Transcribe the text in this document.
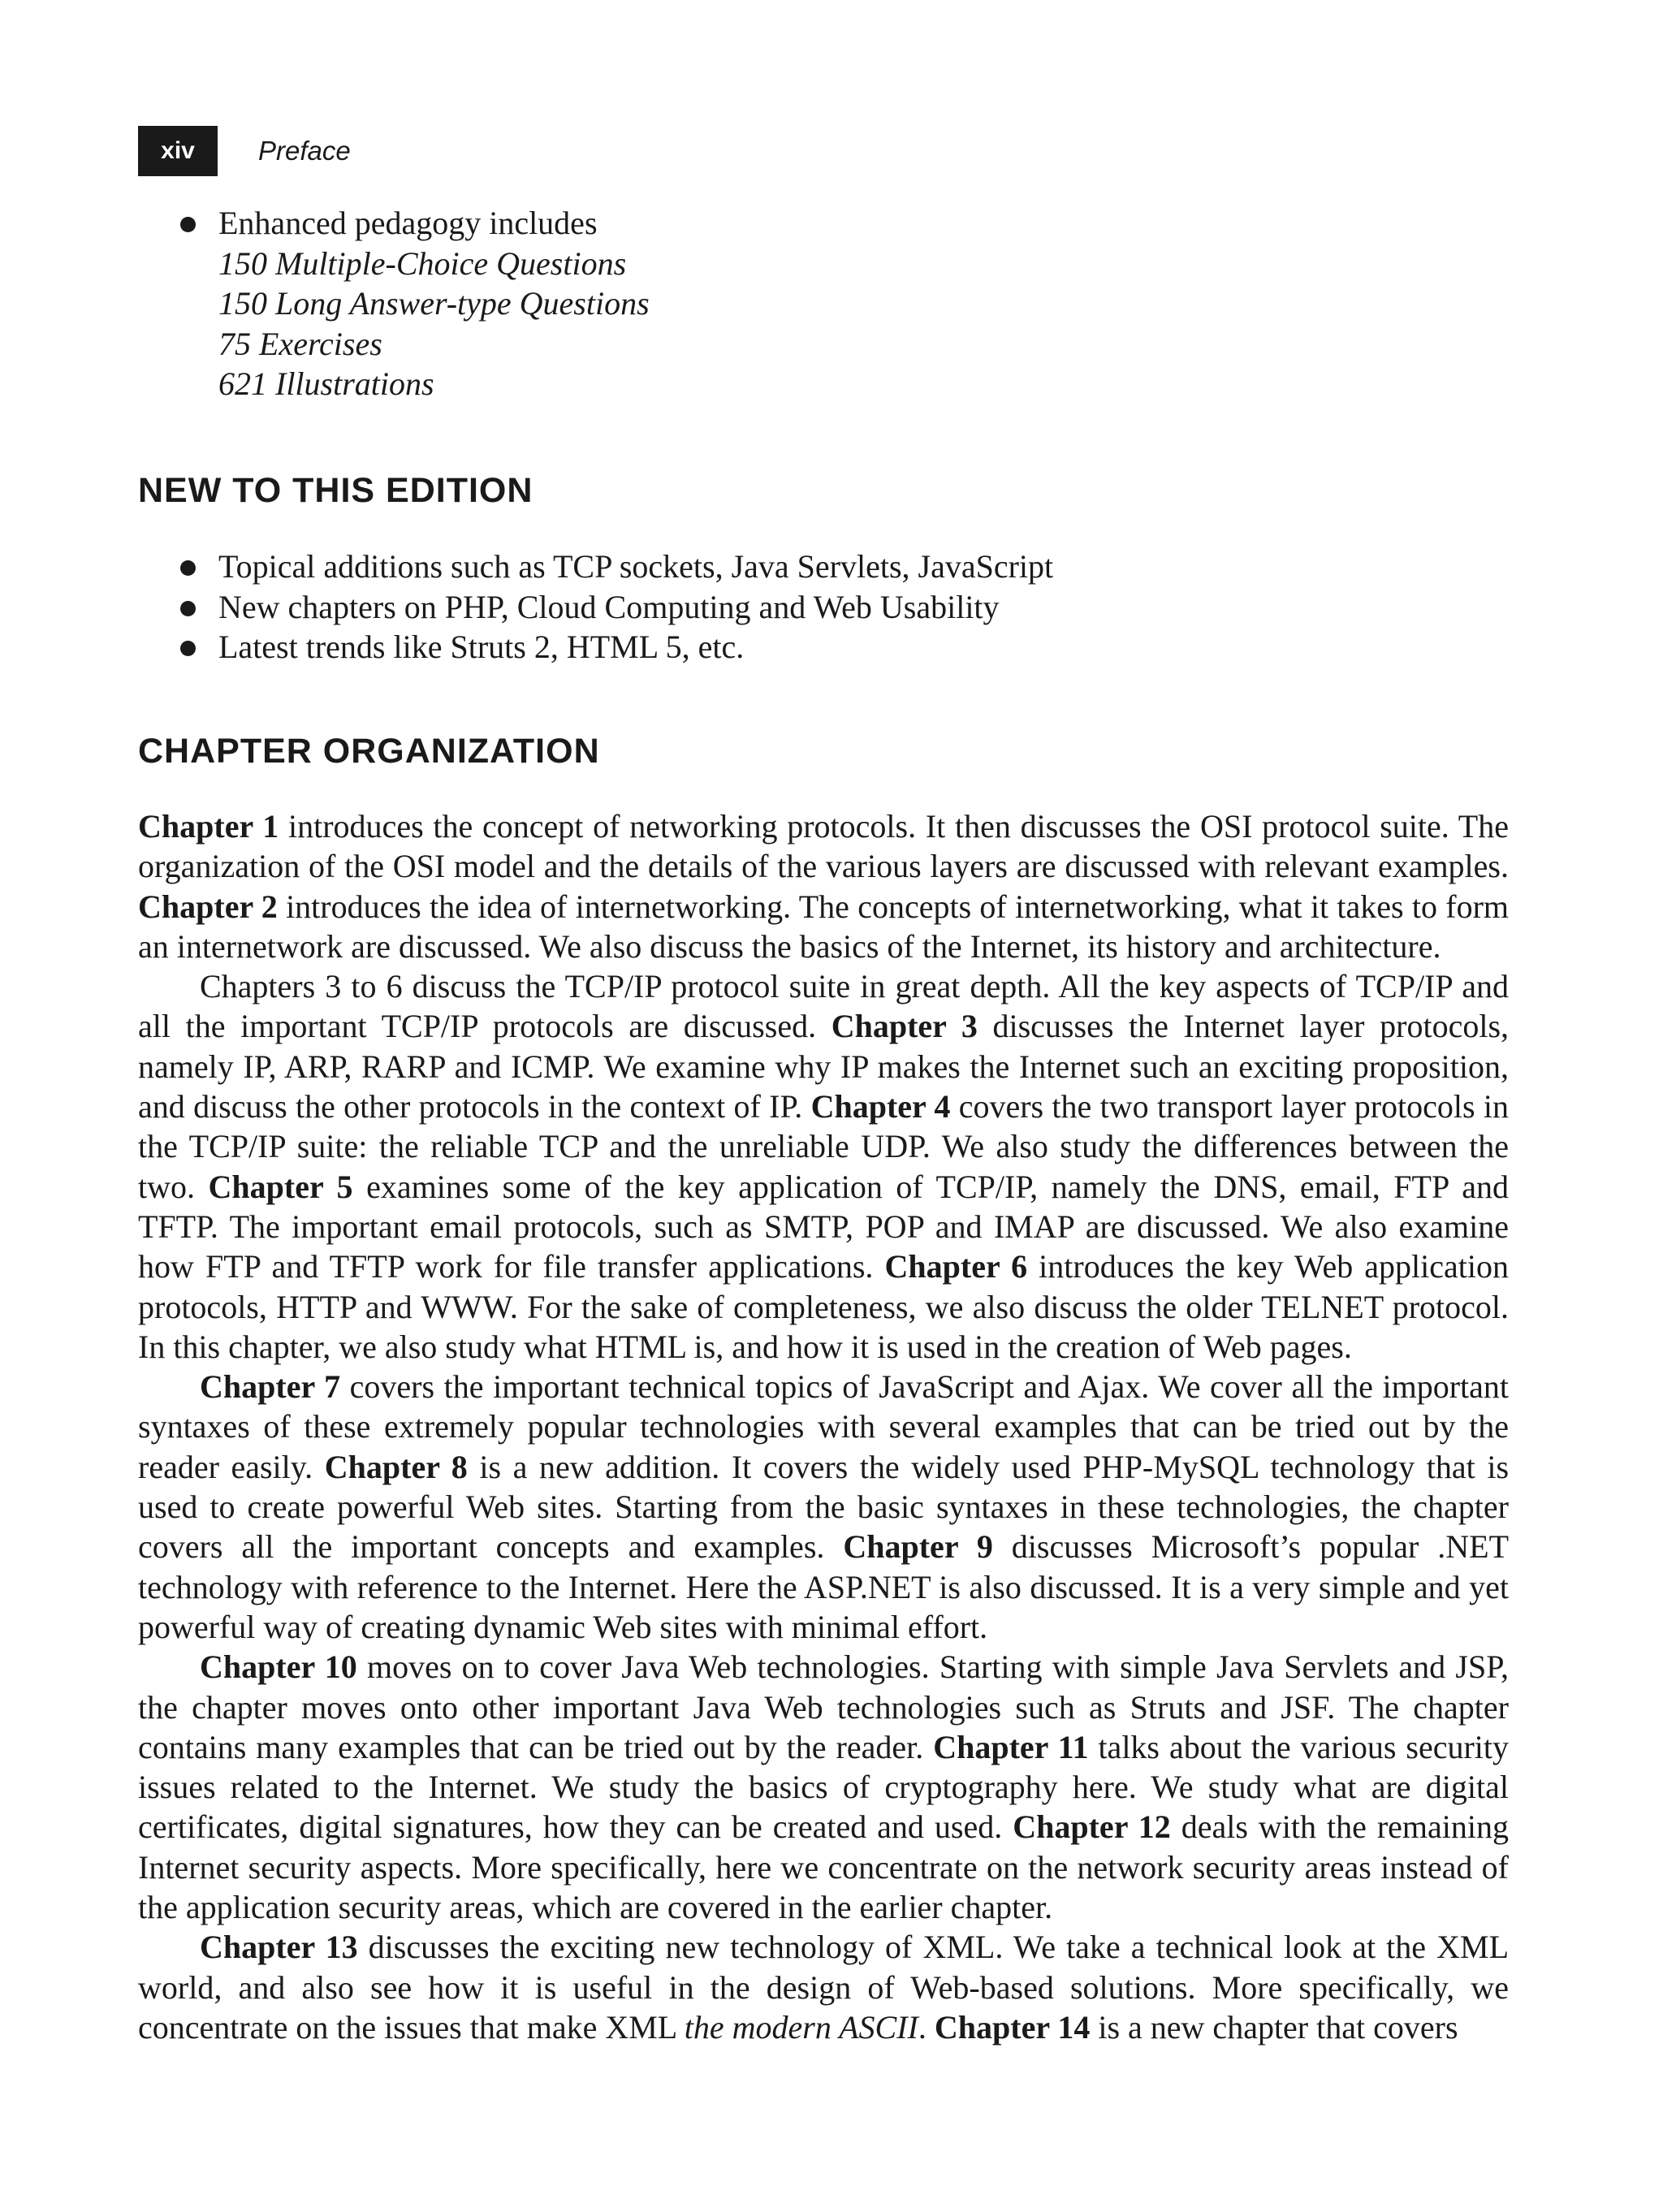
xiv	Preface
Enhanced pedagogy includes
150 Multiple-Choice Questions
150 Long Answer-type Questions
75 Exercises
621 Illustrations
NEW TO THIS EDITION
Topical additions such as TCP sockets, Java Servlets, JavaScript
New chapters on PHP, Cloud Computing and Web Usability
Latest trends like Struts 2, HTML 5, etc.
CHAPTER ORGANIZATION

Chapter 1 introduces the concept of networking protocols. It then discusses the OSI protocol suite. The organization of the OSI model and the details of the various layers are discussed with relevant examples. Chapter 2 introduces the idea of internetworking. The concepts of internetworking, what it takes to form an internetwork are discussed. We also discuss the basics of the Internet, its history and architecture.

Chapters 3 to 6 discuss the TCP/IP protocol suite in great depth. All the key aspects of TCP/IP and all the important TCP/IP protocols are discussed. Chapter 3 discusses the Internet layer protocols, namely IP, ARP, RARP and ICMP. We examine why IP makes the Internet such an exciting proposition, and discuss the other protocols in the context of IP. Chapter 4 covers the two transport layer protocols in the TCP/IP suite: the reliable TCP and the unreliable UDP. We also study the differences between the two. Chapter 5 examines some of the key application of TCP/IP, namely the DNS, email, FTP and TFTP. The important email protocols, such as SMTP, POP and IMAP are discussed. We also examine how FTP and TFTP work for file transfer applications. Chapter 6 introduces the key Web application protocols, HTTP and WWW. For the sake of completeness, we also discuss the older TELNET protocol. In this chapter, we also study what HTML is, and how it is used in the creation of Web pages.

Chapter 7 covers the important technical topics of JavaScript and Ajax. We cover all the important syntaxes of these extremely popular technologies with several examples that can be tried out by the reader easily. Chapter 8 is a new addition. It covers the widely used PHP-MySQL technology that is used to create powerful Web sites. Starting from the basic syntaxes in these technologies, the chapter covers all the important concepts and examples. Chapter 9 discusses Microsoft’s popular .NET technology with reference to the Internet. Here the ASP.NET is also discussed. It is a very simple and yet powerful way of creating dynamic Web sites with minimal effort.

Chapter 10 moves on to cover Java Web technologies. Starting with simple Java Servlets and JSP, the chapter moves onto other important Java Web technologies such as Struts and JSF. The chapter contains many examples that can be tried out by the reader. Chapter 11 talks about the various security issues related to the Internet. We study the basics of cryptography here. We study what are digital certificates, digital signatures, how they can be created and used. Chapter 12 deals with the remaining Internet security aspects. More specifically, here we concentrate on the network security areas instead of the application security areas, which are covered in the earlier chapter.

Chapter 13 discusses the exciting new technology of XML. We take a technical look at the XML world, and also see how it is useful in the design of Web-based solutions. More specifically, we concentrate on the issues that make XML the modern ASCII. Chapter 14 is a new chapter that covers
